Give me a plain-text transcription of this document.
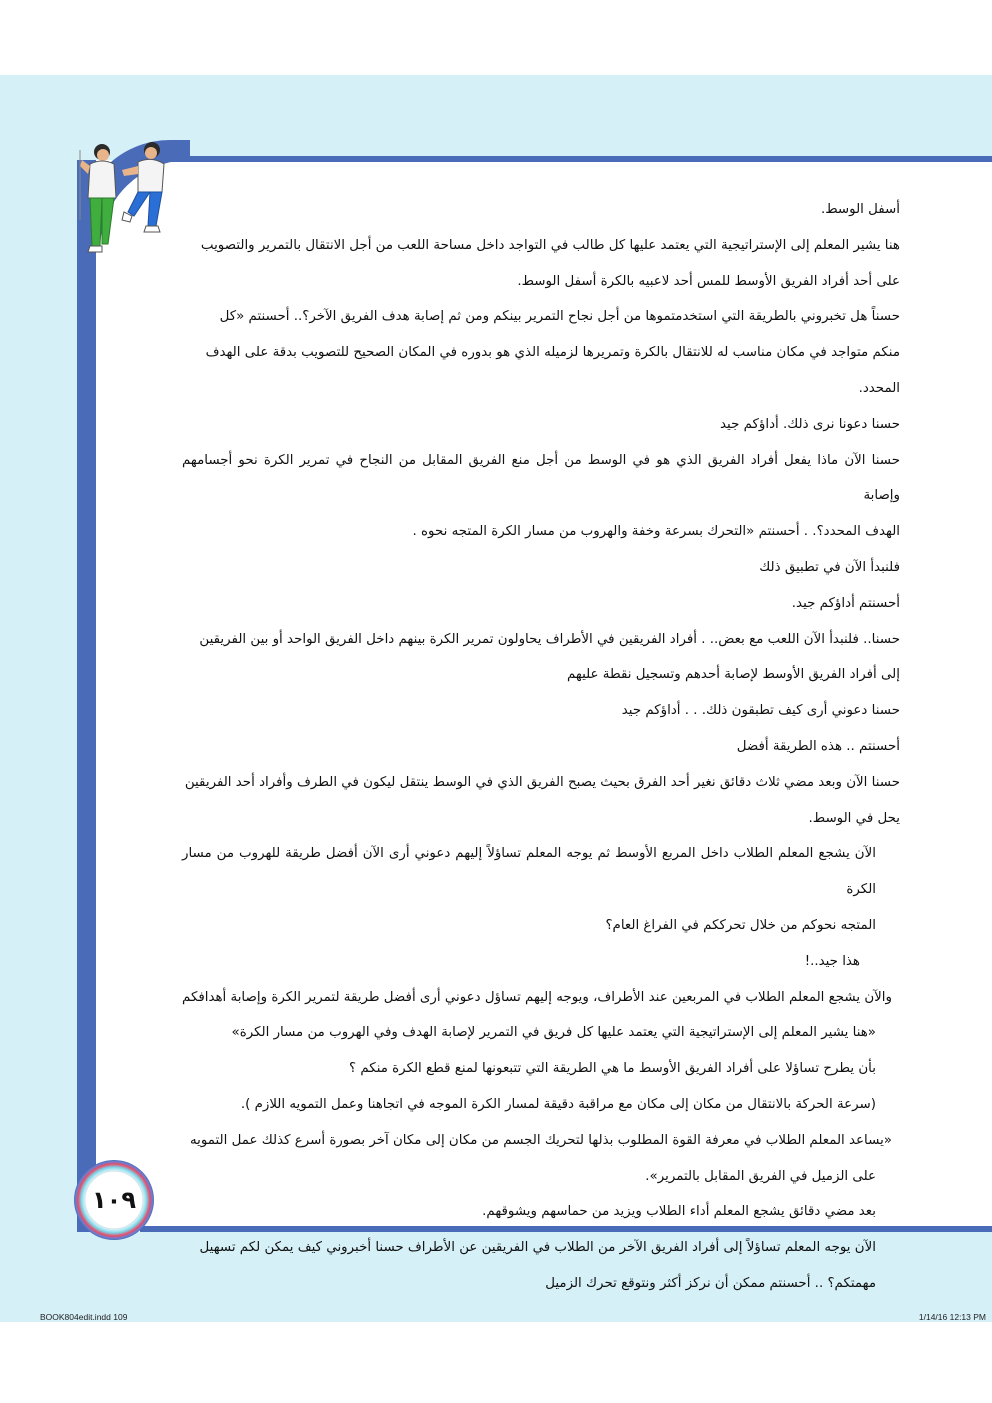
أسفل الوسط.

هنا يشير المعلم إلى الإستراتيجية التي يعتمد عليها كل طالب في التواجد داخل مساحة اللعب من أجل الانتقال بالتمرير والتصويب

على أحد أفراد الفريق الأوسط للمس أحد لاعبيه بالكرة أسفل الوسط.

حسناً هل تخبروني بالطريقة التي استخدمتموها من أجل نجاح التمرير بينكم ومن ثم إصابة هدف الفريق الآخر؟.. أحسنتم «كل

منكم متواجد في مكان مناسب له للانتقال بالكرة وتمريرها لزميله الذي هو بدوره في المكان الصحيح للتصويب بدقة على الهدف

المحدد.

حسنا دعونا نرى ذلك. أداؤكم جيد

حسنا الآن ماذا يفعل أفراد الفريق الذي هو في الوسط من أجل منع الفريق المقابل من النجاح في تمرير الكرة نحو أجسامهم وإصابة

الهدف المحدد؟. . أحسنتم «التحرك بسرعة وخفة والهروب من مسار الكرة المتجه نحوه .

فلنبدأ الآن في تطبيق ذلك

أحسنتم أداؤكم جيد.

حسنا.. فلنبدأ الآن اللعب مع بعض.. . أفراد الفريقين في الأطراف يحاولون تمرير الكرة بينهم داخل الفريق الواحد أو بين الفريقين

إلى أفراد الفريق الأوسط لإصابة أحدهم وتسجيل نقطة عليهم

حسنا دعوني أرى كيف تطبقون ذلك. . . أداؤكم جيد

أحسنتم .. هذه الطريقة أفضل

حسنا الآن وبعد مضي ثلاث دقائق نغير أحد الفرق بحيث يصبح الفريق الذي في الوسط ينتقل ليكون في الطرف وأفراد أحد الفريقين

يحل في الوسط.

الآن يشجع المعلم الطلاب داخل المربع الأوسط ثم يوجه المعلم تساؤلاً إليهم دعوني أرى الآن أفضل طريقة للهروب من مسار الكرة

المتجه نحوكم من خلال تحرككم في الفراغ العام؟

هذا جيد..!

والآن يشجع المعلم الطلاب في المربعين عند الأطراف، ويوجه إليهم تساؤل دعوني أرى أفضل طريقة لتمرير الكرة وإصابة أهدافكم

«هنا يشير المعلم إلى الإستراتيجية التي يعتمد عليها كل فريق في التمرير لإصابة الهدف وفي الهروب من مسار الكرة»

بأن يطرح تساؤلا على أفراد الفريق الأوسط ما هي الطريقة التي تتبعونها لمنع قطع الكرة منكم ؟

(سرعة الحركة بالانتقال من مكان إلى مكان مع مراقبة دقيقة لمسار الكرة الموجه في اتجاهنا وعمل التمويه اللازم ).

«يساعد المعلم الطلاب في معرفة القوة المطلوب بذلها لتحريك الجسم من مكان إلى مكان آخر بصورة أسرع كذلك عمل التمويه

على الزميل في الفريق المقابل بالتمرير».

بعد مضي دقائق يشجع المعلم أداء الطلاب ويزيد من حماسهم ويشوقهم.

الآن يوجه المعلم تساؤلاً إلى أفراد الفريق الآخر من الطلاب في الفريقين عن الأطراف حسنا أخبروني كيف يمكن لكم تسهيل

مهمتكم؟ .. أحسنتم ممكن أن نركز أكثر ونتوقع تحرك الزميل

١٠٩
BOOK804edit.indd 109	1/14/16 12:13 PM
